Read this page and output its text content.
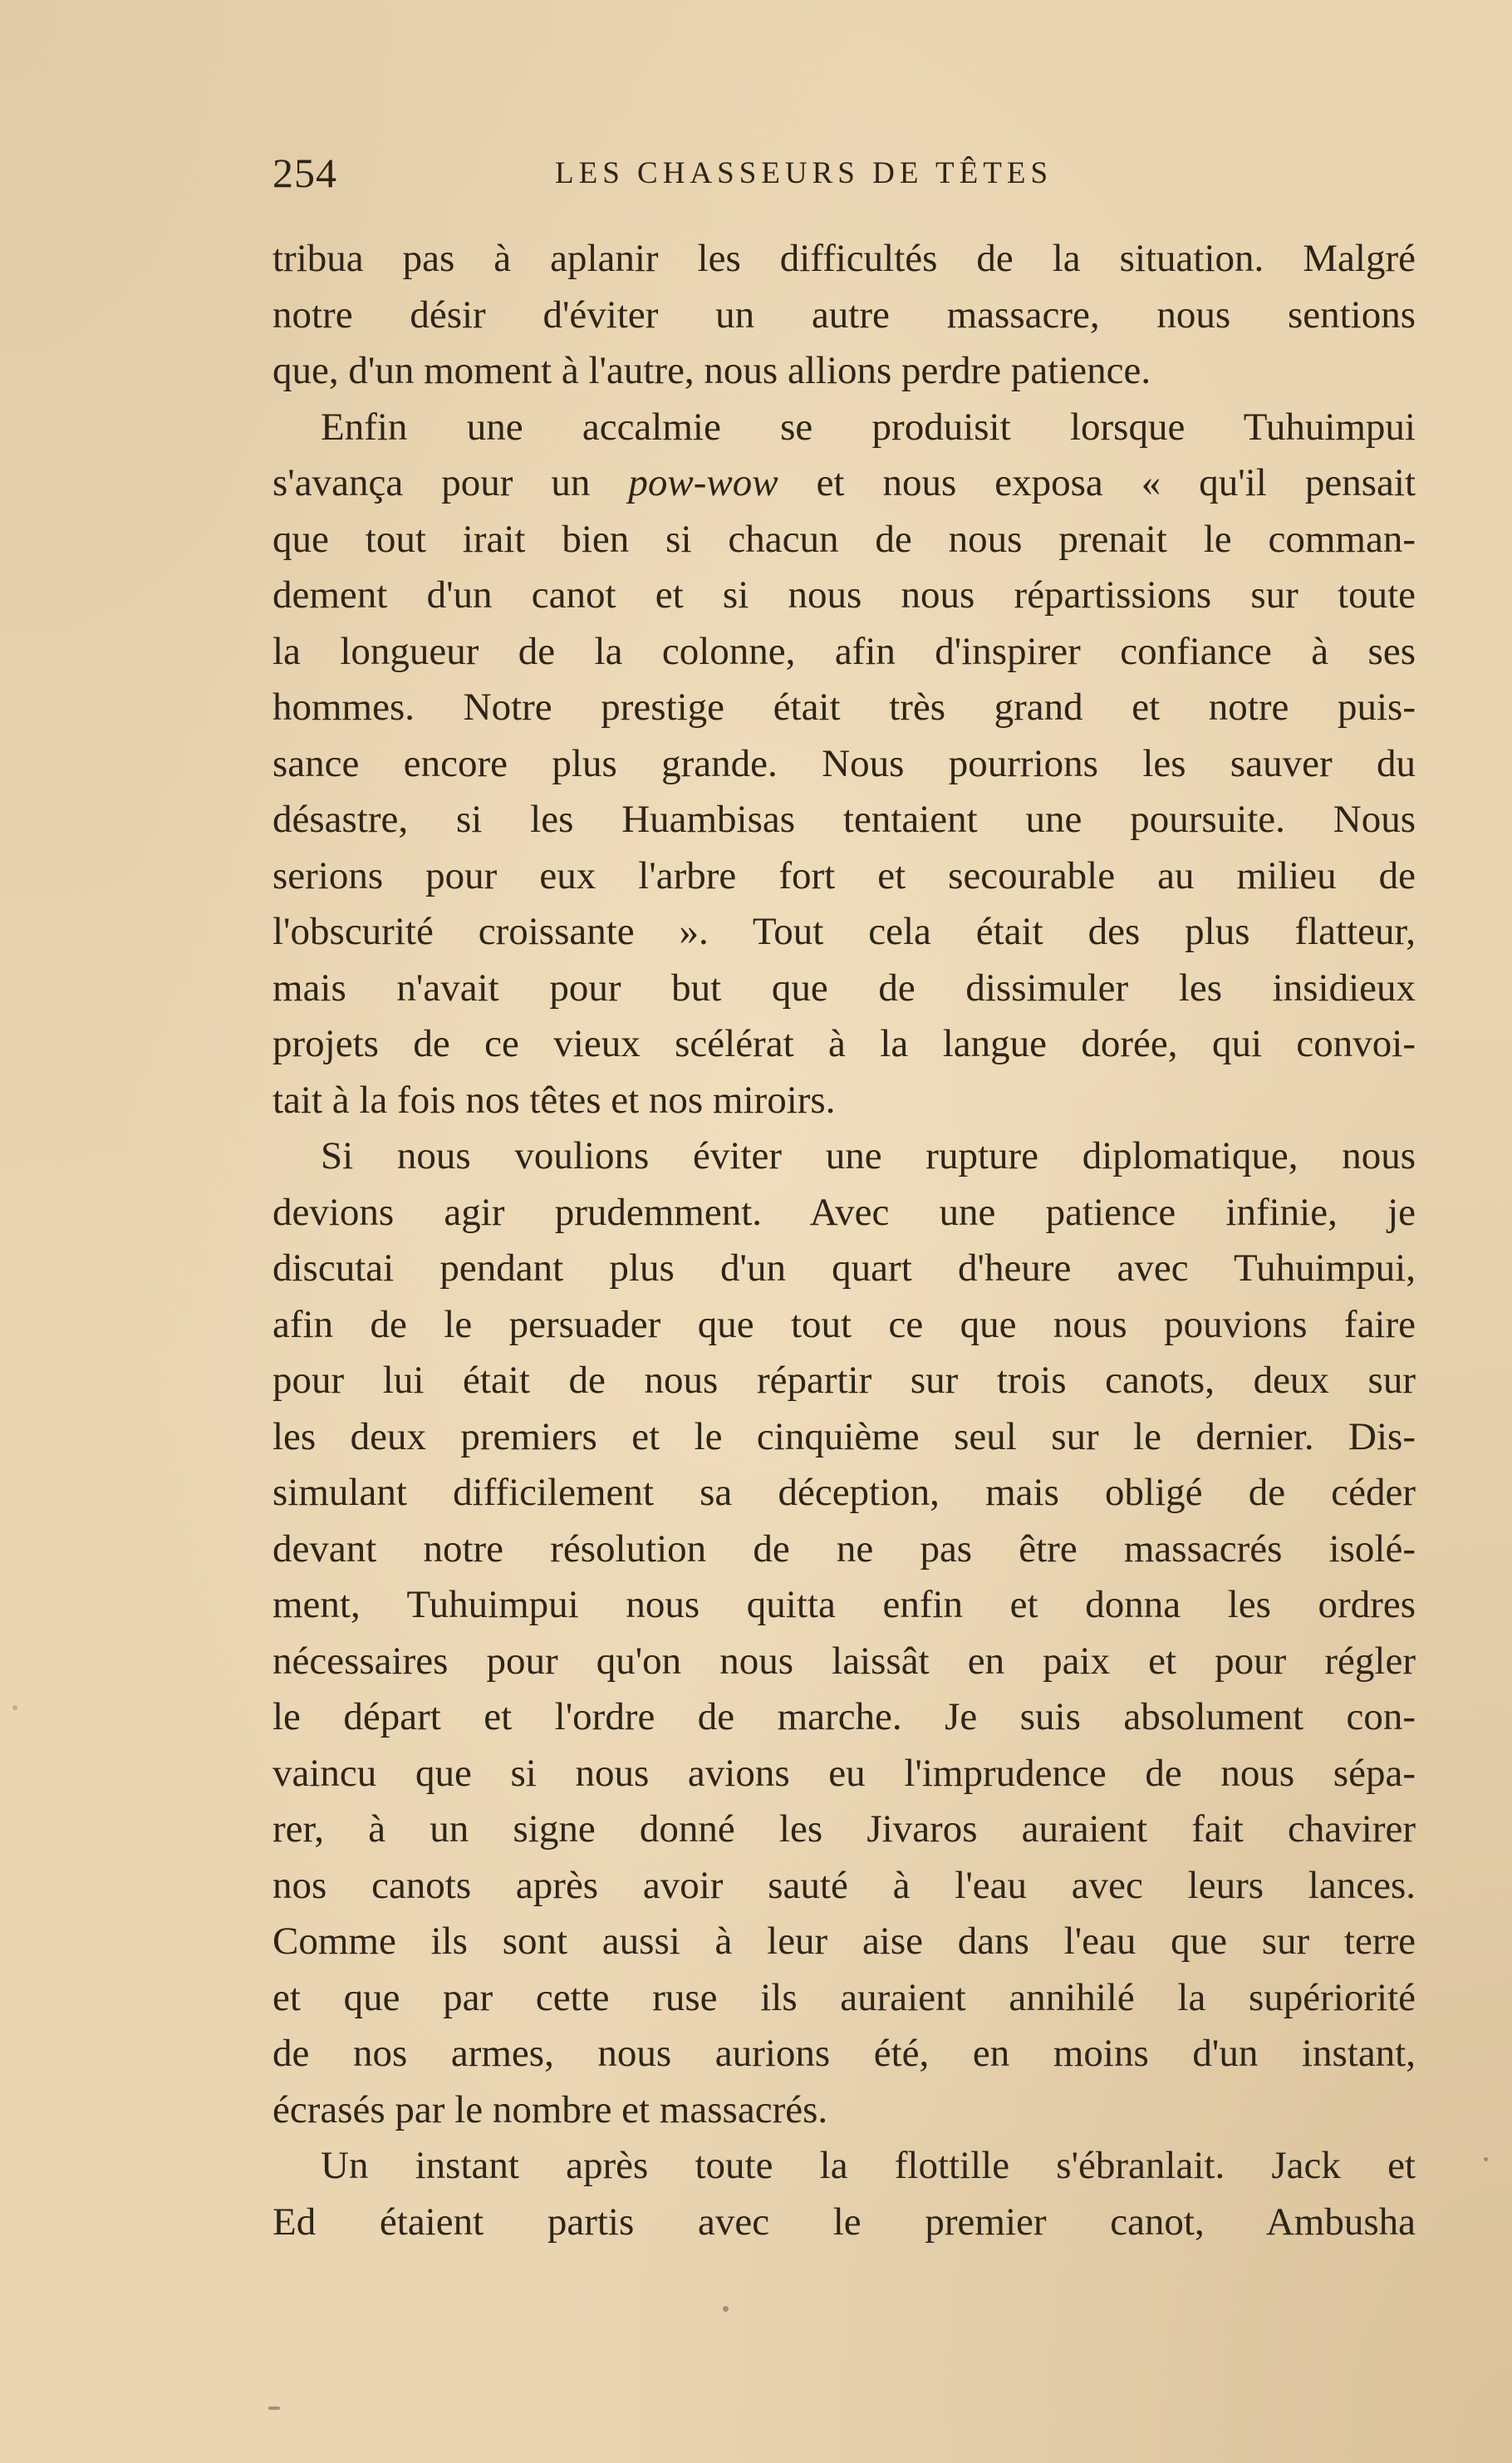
254	LES CHASSEURS DE TÊTES
tribua pas à aplanir les difficultés de la situation. Malgré
notre désir d'éviter un autre massacre, nous sentions
que, d'un moment à l'autre, nous allions perdre patience.
Enfin une accalmie se produisit lorsque Tuhuimpui
s'avança pour un pow-wow et nous exposa « qu'il pensait
que tout irait bien si chacun de nous prenait le comman-
dement d'un canot et si nous nous répartissions sur toute
la longueur de la colonne, afin d'inspirer confiance à ses
hommes. Notre prestige était très grand et notre puis-
sance encore plus grande. Nous pourrions les sauver du
désastre, si les Huambisas tentaient une poursuite. Nous
serions pour eux l'arbre fort et secourable au milieu de
l'obscurité croissante ». Tout cela était des plus flatteur,
mais n'avait pour but que de dissimuler les insidieux
projets de ce vieux scélérat à la langue dorée, qui convoi-
tait à la fois nos têtes et nos miroirs.
Si nous voulions éviter une rupture diplomatique, nous
devions agir prudemment. Avec une patience infinie, je
discutai pendant plus d'un quart d'heure avec Tuhuimpui,
afin de le persuader que tout ce que nous pouvions faire
pour lui était de nous répartir sur trois canots, deux sur
les deux premiers et le cinquième seul sur le dernier. Dis-
simulant difficilement sa déception, mais obligé de céder
devant notre résolution de ne pas être massacrés isolé-
ment, Tuhuimpui nous quitta enfin et donna les ordres
nécessaires pour qu'on nous laissât en paix et pour régler
le départ et l'ordre de marche. Je suis absolument con-
vaincu que si nous avions eu l'imprudence de nous sépa-
rer, à un signe donné les Jivaros auraient fait chavirer
nos canots après avoir sauté à l'eau avec leurs lances.
Comme ils sont aussi à leur aise dans l'eau que sur terre
et que par cette ruse ils auraient annihilé la supériorité
de nos armes, nous aurions été, en moins d'un instant,
écrasés par le nombre et massacrés.
Un instant après toute la flottille s'ébranlait. Jack et
Ed étaient partis avec le premier canot, Ambusha
